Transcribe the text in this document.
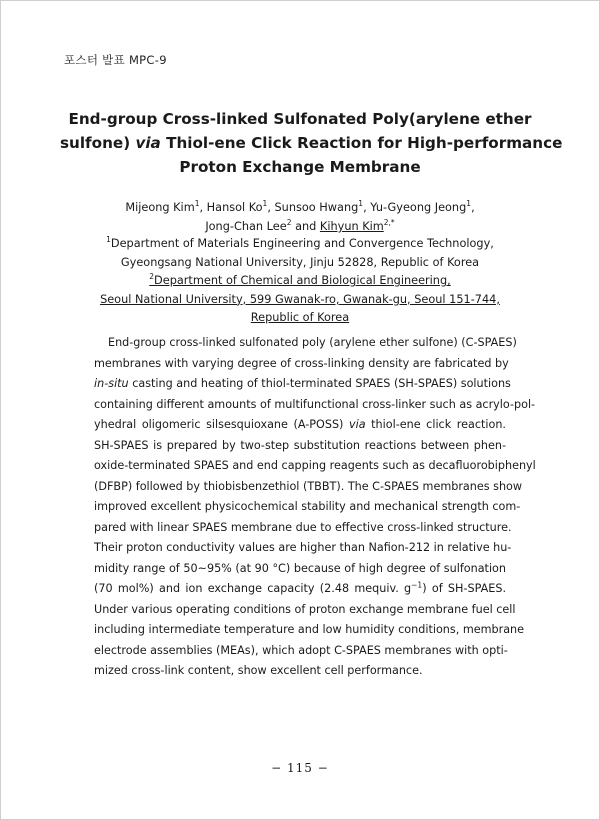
포스터 발표 MPC-9
End-group Cross-linked Sulfonated Poly(arylene ether
sulfone) via Thiol-ene Click Reaction for High-performance
Proton Exchange Membrane
Mijeong Kim$^1$, Hansol Ko$^1$, Sunsoo Hwang$^1$, Yu-Gyeong Jeong$^1$,
Jong-Chan Lee$^2$ and Kihyun Kim$^{2,*}$
$^1$Department of Materials Engineering and Convergence Technology,
Gyeongsang National University, Jinju 52828, Republic of Korea
$^2$Department of Chemical and Biological Engineering,
Seoul National University, 599 Gwanak-ro, Gwanak-gu, Seoul 151-744,
Republic of Korea
End-group cross-linked sulfonated poly (arylene ether sulfone) (C-SPAES)
membranes with varying degree of cross-linking density are fabricated by
in-situ casting and heating of thiol-terminated SPAES (SH-SPAES) solutions
containing different amounts of multifunctional cross-linker such as acrylo-pol-
yhedral oligomeric silsesquioxane (A-POSS) via thiol-ene click reaction.
SH-SPAES is prepared by two-step substitution reactions between phen-
oxide-terminated SPAES and end capping reagents such as decafluorobiphenyl
(DFBP) followed by thiobisbenzethiol (TBBT). The C-SPAES membranes show
improved excellent physicochemical stability and mechanical strength com-
pared with linear SPAES membrane due to effective cross-linked structure.
Their proton conductivity values are higher than Nafion-212 in relative hu-
midity range of 50~95% (at 90 °C) because of high degree of sulfonation
(70 mol%) and ion exchange capacity (2.48 mequiv. $g^{-1}$) of SH-SPAES.
Under various operating conditions of proton exchange membrane fuel cell
including intermediate temperature and low humidity conditions, membrane
electrode assemblies (MEAs), which adopt C-SPAES membranes with opti-
mized cross-link content, show excellent cell performance.
− 115 −
